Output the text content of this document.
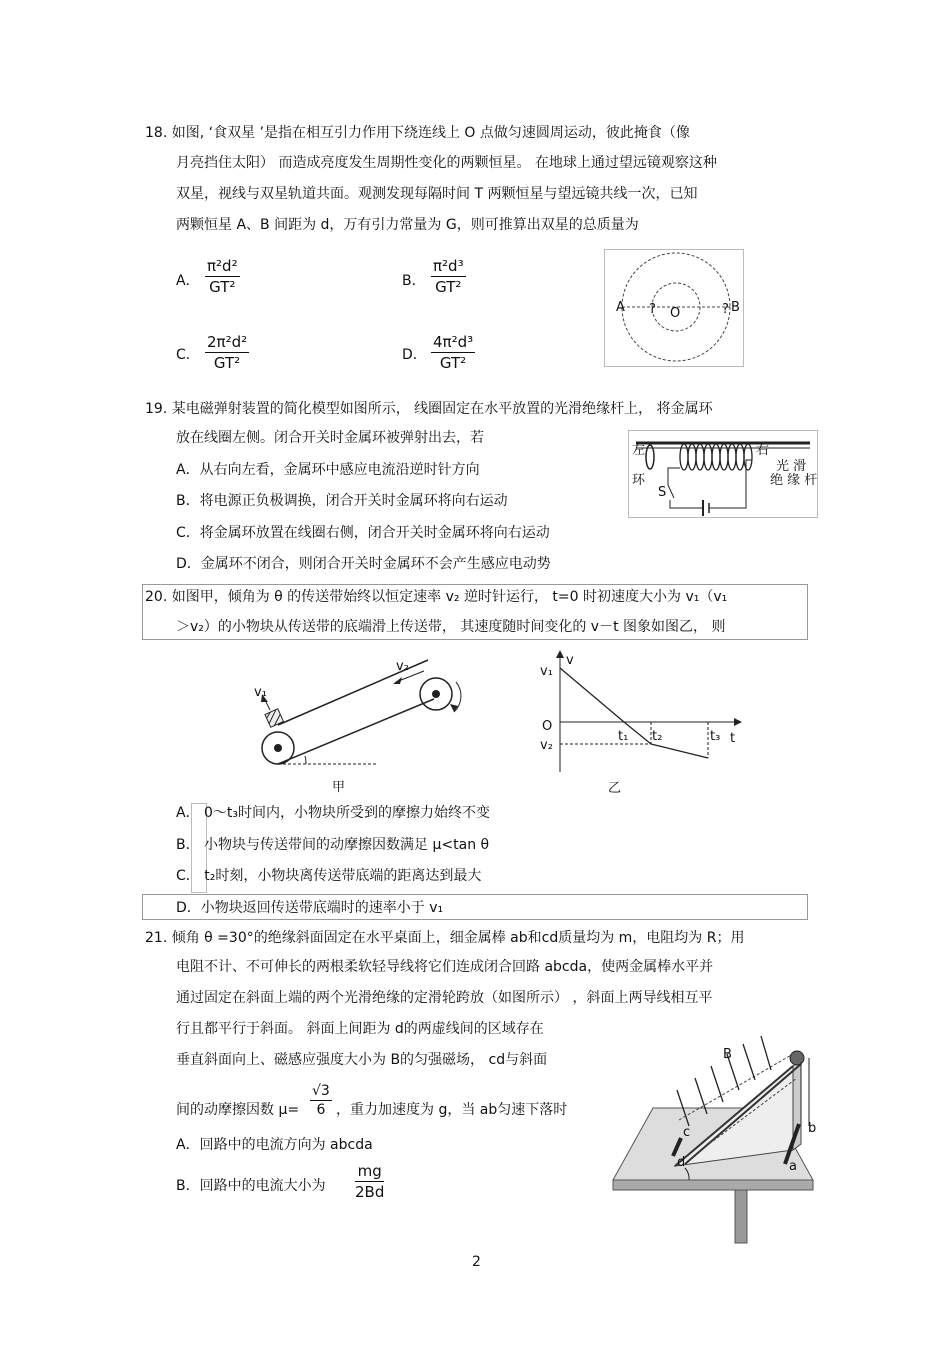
18. 如图, ‘食双星 ’是指在相互引力作用下绕连线上 O 点做匀速圆周运动，彼此掩食（像
月亮挡住太阳） 而造成亮度发生周期性变化的两颗恒星。 在地球上通过望远镜观察这种
双星，视线与双星轨道共面。观测发现每隔时间 T 两颗恒星与望远镜共线一次，已知
两颗恒星 A、B 间距为 d，万有引力常量为 G，则可推算出双星的总质量为
A． $\frac{\text{π²d²}}{\text{GT²}}$	B． $\frac{\text{π²d³}}{\text{GT²}}$
C． $\frac{\text{2π²d²}}{\text{GT²}}$	D． $\frac{\text{4π²d³}}{\text{GT²}}$
A ? O	? B
19. 某电磁弹射装置的简化模型如图所示， 线圈固定在水平放置的光滑绝缘杆上， 将金属环
放在线圈左侧。闭合开关时金属环被弹射出去，若
A．从右向左看，金属环中感应电流沿逆时针方向
B．将电源正负极调换，闭合开关时金属环将向右运动
C．将金属环放置在线圈右侧，闭合开关时金属环将向右运动
D．金属环不闭合，则闭合开关时金属环不会产生感应电动势
左	右
环
S
光 滑
绝 缘 杆
20. 如图甲，倾角为 θ 的传送带始终以恒定速率 v₂ 逆时针运行， t=0 时初速度大小为 v₁（v₁
＞v₂）的小物块从传送带的底端滑上传送带， 其速度随时间变化的 v－t 图象如图乙， 则
v₁
v₂
甲
v
v₁
O
v₂
t₁ t₂	t₃ t
乙
A． 0～t₃时间内，小物块所受到的摩擦力始终不变
B． 小物块与传送带间的动摩擦因数满足 μ<tan θ
C． t₂时刻，小物块离传送带底端的距离达到最大
D．小物块返回传送带底端时的速率小于 v₁
21. 倾角 θ =30°的绝缘斜面固定在水平桌面上，细金属棒 ab和cd质量均为 m，电阻均为 R；用
电阻不计、不可伸长的两根柔软轻导线将它们连成闭合回路 abcda，使两金属棒水平并
通过固定在斜面上端的两个光滑绝缘的定滑轮跨放（如图所示） ，斜面上两导线相互平
行且都平行于斜面。 斜面上间距为 d的两虚线间的区域存在
垂直斜面向上、磁感应强度大小为 B的匀强磁场， cd与斜面
间的动摩擦因数 $\mu= \frac{√3}{6}$ ，重力加速度为 g，当 ab匀速下落时
A．回路中的电流方向为 abcda
B．回路中的电流大小为 $\frac{mg}{2Bd}$
B
c
d
b
a
2
